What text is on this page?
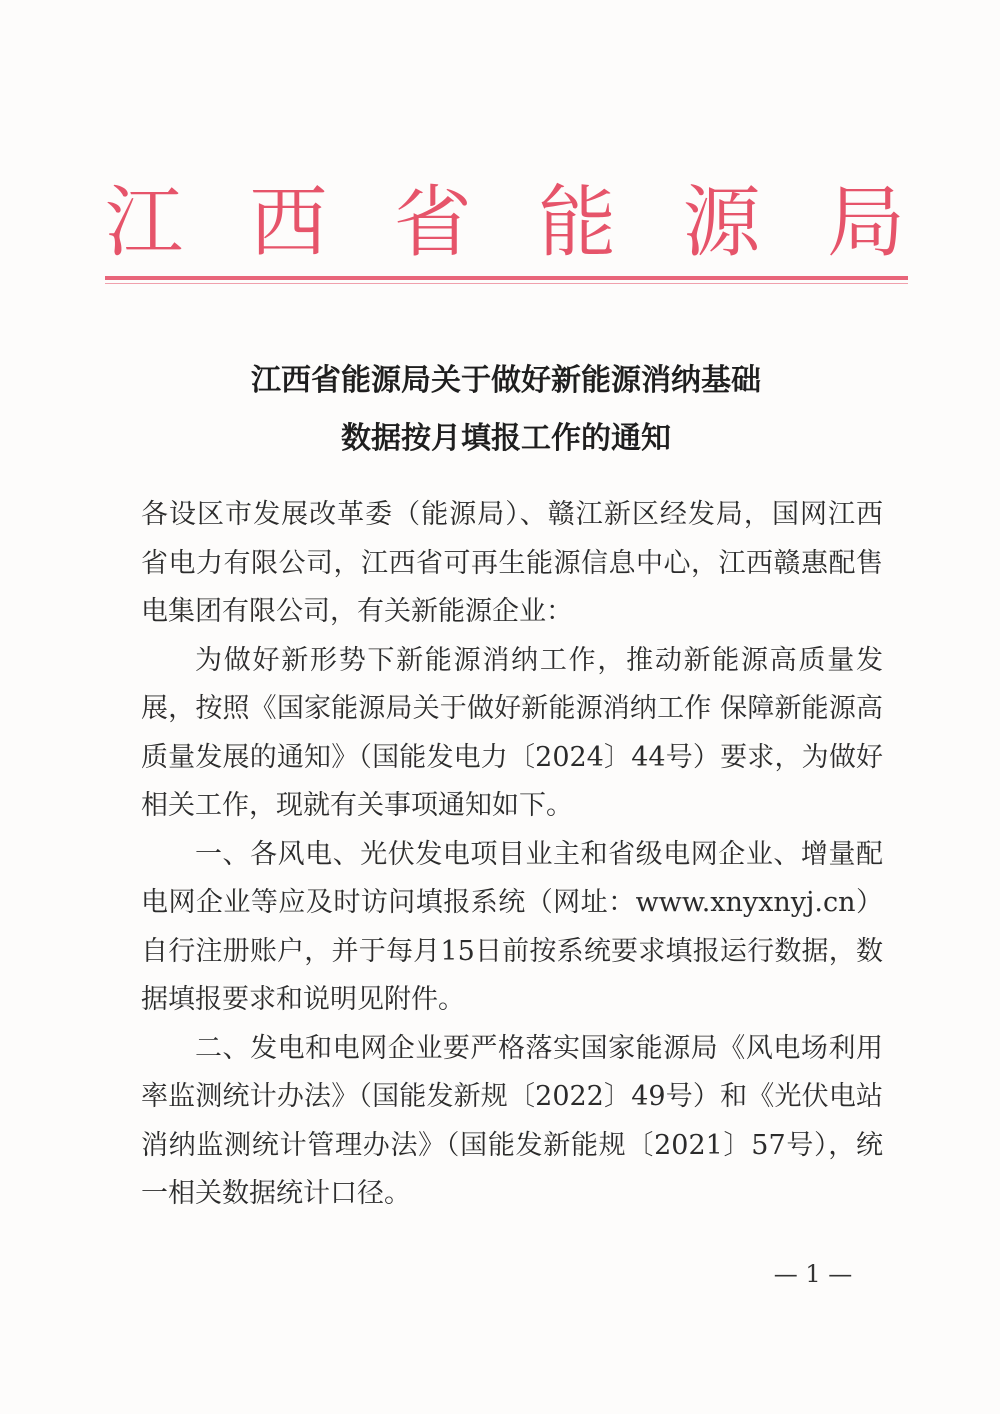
江 西 省 能 源 局
江西省能源局关于做好新能源消纳基础
数据按月填报工作的通知

各设区市发展改革委（能源局）、赣江新区经发局，国网江西省电力有限公司，江西省可再生能源信息中心，江西赣惠配售电集团有限公司，有关新能源企业：

为做好新形势下新能源消纳工作，推动新能源高质量发展，按照《国家能源局关于做好新能源消纳工作 保障新能源高质量发展的通知》（国能发电力〔2024〕44号）要求，为做好相关工作，现就有关事项通知如下。

一、各风电、光伏发电项目业主和省级电网企业、增量配电网企业等应及时访问填报系统（网址：www.xnyxnyj.cn）自行注册账户，并于每月15日前按系统要求填报运行数据，数据填报要求和说明见附件。

二、发电和电网企业要严格落实国家能源局《风电场利用率监测统计办法》（国能发新规〔2022〕49号）和《光伏电站消纳监测统计管理办法》（国能发新能规〔2021〕57号），统一相关数据统计口径。

— 1 —
